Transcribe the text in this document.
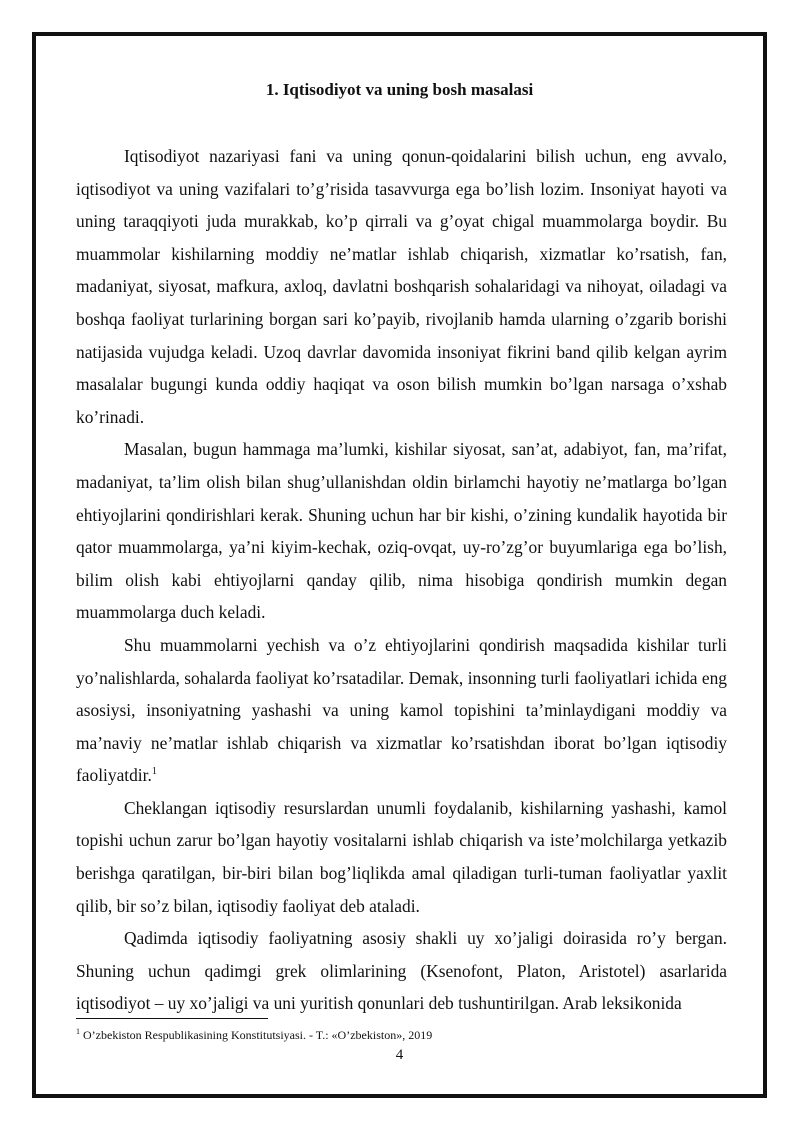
1. Iqtisodiyot va uning bosh masalasi

Iqtisodiyot nazariyasi fani va uning qonun-qoidalarini bilish uchun, eng avvalo, iqtisodiyot va uning vazifalari to’g’risida tasavvurga ega bo’lish lozim. Insoniyat hayoti va uning taraqqiyoti juda murakkab, ko’p qirrali va g’oyat chigal muammolarga boydir. Bu muammolar kishilarning moddiy ne’matlar ishlab chiqarish, xizmatlar ko’rsatish, fan, madaniyat, siyosat, mafkura, axloq, davlatni boshqarish sohalaridagi va nihoyat, oiladagi va boshqa faoliyat turlarining borgan sari ko’payib, rivojlanib hamda ularning o’zgarib borishi natijasida vujudga keladi. Uzoq davrlar davomida insoniyat fikrini band qilib kelgan ayrim masalalar bugungi kunda oddiy haqiqat va oson bilish mumkin bo’lgan narsaga o’xshab ko’rinadi.

Masalan, bugun hammaga ma’lumki, kishilar siyosat, san’at, adabiyot, fan, ma’rifat, madaniyat, ta’lim olish bilan shug’ullanishdan oldin birlamchi hayotiy ne’matlarga bo’lgan ehtiyojlarini qondirishlari kerak. Shuning uchun har bir kishi, o’zining kundalik hayotida bir qator muammolarga, ya’ni kiyim-kechak, oziq-ovqat, uy-ro’zg’or buyumlariga ega bo’lish, bilim olish kabi ehtiyojlarni qanday qilib, nima hisobiga qondirish mumkin degan muammolarga duch keladi.

Shu muammolarni yechish va o’z ehtiyojlarini qondirish maqsadida kishilar turli yo’nalishlarda, sohalarda faoliyat ko’rsatadilar. Demak, insonning turli faoliyatlari ichida eng asosiysi, insoniyatning yashashi va uning kamol topishini ta’minlaydigani moddiy va ma’naviy ne’matlar ishlab chiqarish va xizmatlar ko’rsatishdan iborat bo’lgan iqtisodiy faoliyatdir.$^1$

Cheklangan iqtisodiy resurslardan unumli foydalanib, kishilarning yashashi, kamol topishi uchun zarur bo’lgan hayotiy vositalarni ishlab chiqarish va iste’molchilarga yetkazib berishga qaratilgan, bir-biri bilan bog’liqlikda amal qiladigan turli-tuman faoliyatlar yaxlit qilib, bir so’z bilan, iqtisodiy faoliyat deb ataladi.

Qadimda iqtisodiy faoliyatning asosiy shakli uy xo’jaligi doirasida ro’y bergan. Shuning uchun qadimgi grek olimlarining (Ksenofont, Platon, Aristotel) asarlarida iqtisodiyot – uy xo’jaligi va uni yuritish qonunlari deb tushuntirilgan. Arab leksikonida

$^1$ O’zbekiston Respublikasining Konstitutsiyasi. - T.: «O’zbekiston», 2019
4
